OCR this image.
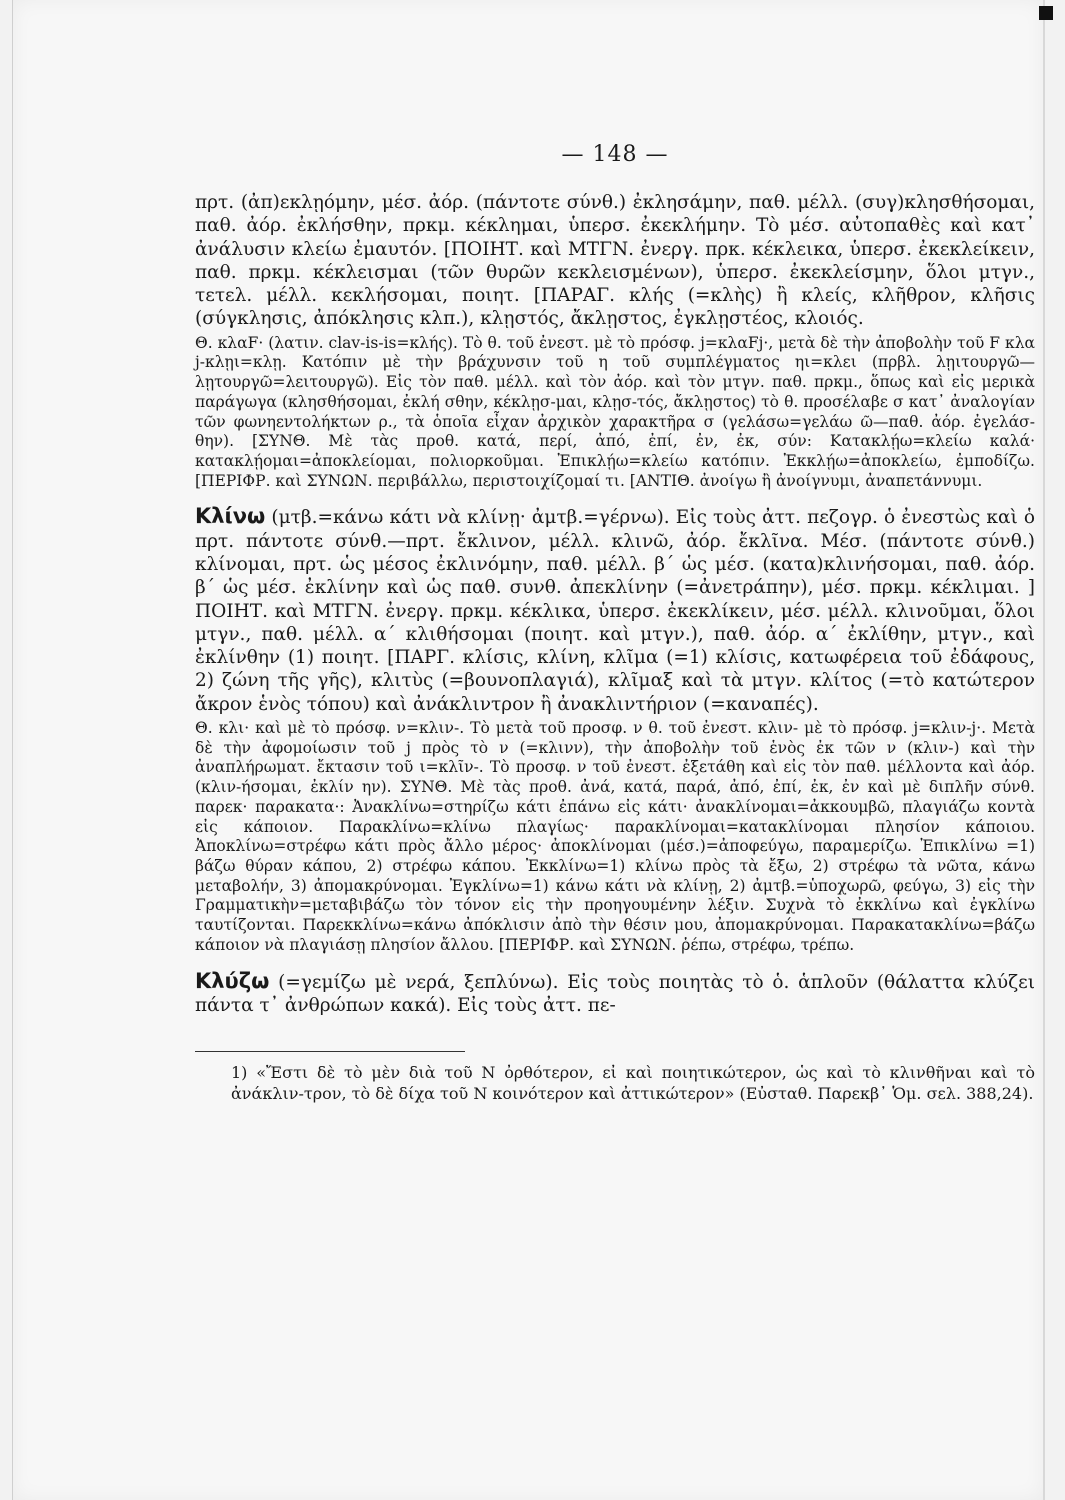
— 148 —

πρτ. (ἀπ)εκλῃόμην, μέσ. ἀόρ. (πάντοτε σύνθ.) ἐκλησάμην, παθ. μέλλ. (συγ)κλησθήσομαι, παθ. ἀόρ. ἐκλήσθην, πρκμ. κέκλημαι, ὑπερσ. ἐκεκλήμην. Τὸ μέσ. αὐτοπαθὲς καὶ κατ᾽ ἀνάλυσιν κλείω ἐμαυτόν. [ΠΟΙΗΤ. καὶ ΜΤΓΝ. ἐνεργ. πρκ. κέκλεικα, ὑπερσ. ἐκεκλείκειν, παθ. πρκμ. κέκλεισμαι (τῶν θυρῶν κεκλεισμένων), ὑπερσ. ἐκεκλείσμην, ὅλοι μτγν., τετελ. μέλλ. κεκλήσομαι, ποιητ. [ΠΑΡΑΓ. κλής (=κλὴς) ἢ κλείς, κλῆθρον, κλῆσις (σύγκλησις, ἀπόκλησις κλπ.), κλῃστός, ἄκλῃστος, ἐγκλῃστέος, κλοιός.

Θ. κλαF· (λατιν. clav-is-is=κλής). Τὸ θ. τοῦ ἐνεστ. μὲ τὸ πρόσφ. j=κλαFj·, μετὰ δὲ τὴν ἀποβολὴν τοῦ F κλα j-κλῃι=κλῃ. Κατόπιν μὲ τὴν βράχυνσιν τοῦ η τοῦ συμπλέγματος ηι=κλει (πρβλ. λῃιτουργῶ—λῃτουργῶ=λειτουργῶ). Εἰς τὸν παθ. μέλλ. καὶ τὸν ἀόρ. καὶ τὸν μτγν. παθ. πρκμ., ὅπως καὶ εἰς μερικὰ παράγωγα (κλησθήσομαι, ἐκλή σθην, κέκλῃσ-μαι, κλῃσ-τός, ἄκλῃστος) τὸ θ. προσέλαβε σ κατ᾽ ἀναλογίαν τῶν φωνηεντολήκτων ρ., τὰ ὁποῖα εἶχαν ἀρχικὸν χαρακτῆρα σ (γελάσω=γελάω ῶ—παθ. ἀόρ. ἐγελάσ-θην). [ΣΥΝΘ. Μὲ τὰς προθ. κατά, περί, ἀπό, ἐπί, ἐν, ἐκ, σύν: Κατακλῄω=κλείω καλά· κατακλῄομαι=ἀποκλείομαι, πολιορκοῦμαι. Ἐπικλῄω=κλείω κατόπιν. Ἐκκλῄω=ἀποκλείω, ἐμποδίζω. [ΠΕΡΙΦΡ. καὶ ΣΥΝΩΝ. περιβάλλω, περιστοιχίζομαί τι. [ΑΝΤΙΘ. ἀνοίγω ἢ ἀνοίγνυμι, ἀναπετάννυμι.

Κλίνω (μτβ.=κάνω κάτι νὰ κλίνῃ· ἀμτβ.=γέρνω). Εἰς τοὺς ἀττ. πεζογρ. ὁ ἐνεστὼς καὶ ὁ πρτ. πάντοτε σύνθ.—πρτ. ἔκλινον, μέλλ. κλινῶ, ἀόρ. ἔκλῖνα. Μέσ. (πάντοτε σύνθ.) κλίνομαι, πρτ. ὡς μέσος ἐκλινόμην, παθ. μέλλ. β΄ ὡς μέσ. (κατα)κλινήσομαι, παθ. ἀόρ. β΄ ὡς μέσ. ἐκλίνην καὶ ὡς παθ. συνθ. ἀπεκλίνην (=ἀνετράπην), μέσ. πρκμ. κέκλιμαι. ] ΠΟΙΗΤ. καὶ ΜΤΓΝ. ἐνεργ. πρκμ. κέκλικα, ὑπερσ. ἐκεκλίκειν, μέσ. μέλλ. κλινοῦμαι, ὅλοι μτγν., παθ. μέλλ. α΄ κλιθήσομαι (ποιητ. καὶ μτγν.), παθ. ἀόρ. α΄ ἐκλίθην, μτγν., καὶ ἐκλίνθην (1) ποιητ. [ΠΑΡΓ. κλίσις, κλίνη, κλῖμα (=1) κλίσις, κατωφέρεια τοῦ ἐδάφους, 2) ζώνη τῆς γῆς), κλιτὺς (=βουνοπλαγιά), κλῖμαξ καὶ τὰ μτγν. κλίτος (=τὸ κατώτερον ἄκρον ἑνὸς τόπου) καὶ ἀνάκλιντρον ἢ ἀνακλιντήριον (=καναπές).

Θ. κλι· καὶ μὲ τὸ πρόσφ. ν=κλιν-. Τὸ μετὰ τοῦ προσφ. ν θ. τοῦ ἐνεστ. κλιν- μὲ τὸ πρόσφ. j=κλιν-j·. Μετὰ δὲ τὴν ἀφομοίωσιν τοῦ j πρὸς τὸ ν (=κλινν), τὴν ἀποβολὴν τοῦ ἑνὸς ἐκ τῶν ν (κλιν-) καὶ τὴν ἀναπλήρωματ. ἔκτασιν τοῦ ι=κλῖν-. Τὸ προσφ. ν τοῦ ἐνεστ. ἐξετάθη καὶ εἰς τὸν παθ. μέλλοντα καὶ ἀόρ. (κλιν-ήσομαι, ἐκλίν ην). ΣΥΝΘ. Μὲ τὰς προθ. ἀνά, κατά, παρά, ἀπό, ἐπί, ἐκ, ἐν καὶ μὲ διπλῆν σύνθ. παρεκ· παρακατα·: Ἀνακλίνω=στηρίζω κάτι ἐπάνω εἰς κάτι· ἀνακλίνομαι=ἀκκουμβῶ, πλαγιάζω κοντὰ εἰς κάποιον. Παρακλίνω=κλίνω πλαγίως· παρακλίνομαι=κατακλίνομαι πλησίον κάποιου. Ἀποκλίνω=στρέφω κάτι πρὸς ἄλλο μέρος· ἀποκλίνομαι (μέσ.)=ἀποφεύγω, παραμερίζω. Ἐπικλίνω =1) βάζω θύραν κάπου, 2) στρέφω κάπου. Ἐκκλίνω=1) κλίνω πρὸς τὰ ἔξω, 2) στρέφω τὰ νῶτα, κάνω μεταβολήν, 3) ἀπομακρύνομαι. Ἐγκλίνω=1) κάνω κάτι νὰ κλίνῃ, 2) ἀμτβ.=ὑποχωρῶ, φεύγω, 3) εἰς τὴν Γραμματικὴν=μεταβιβάζω τὸν τόνον εἰς τὴν προηγουμένην λέξιν. Συχνὰ τὸ ἐκκλίνω καὶ ἐγκλίνω ταυτίζονται. Παρεκκλίνω=κάνω ἀπόκλισιν ἀπὸ τὴν θέσιν μου, ἀπομακρύνομαι. Παρακατακλίνω=βάζω κάποιον νὰ πλαγιάσῃ πλησίον ἄλλου. [ΠΕΡΙΦΡ. καὶ ΣΥΝΩΝ. ῥέπω, στρέφω, τρέπω.

Κλύζω (=γεμίζω μὲ νερά, ξεπλύνω). Εἰς τοὺς ποιητὰς τὸ ὁ. ἁπλοῦν (θάλαττα κλύζει πάντα τ᾽ ἀνθρώπων κακά). Εἰς τοὺς ἀττ. πε-

1) «Ἔστι δὲ τὸ μὲν διὰ τοῦ Ν ὀρθότερον, εἰ καὶ ποιητικώτερον, ὡς καὶ τὸ κλινθῆναι καὶ τὸ ἀνάκλιν-τρον, τὸ δὲ δίχα τοῦ Ν κοινότερον καὶ ἀττικώτερον» (Εὐσταθ. Παρεκβ᾽ Ὁμ. σελ. 388,24).
